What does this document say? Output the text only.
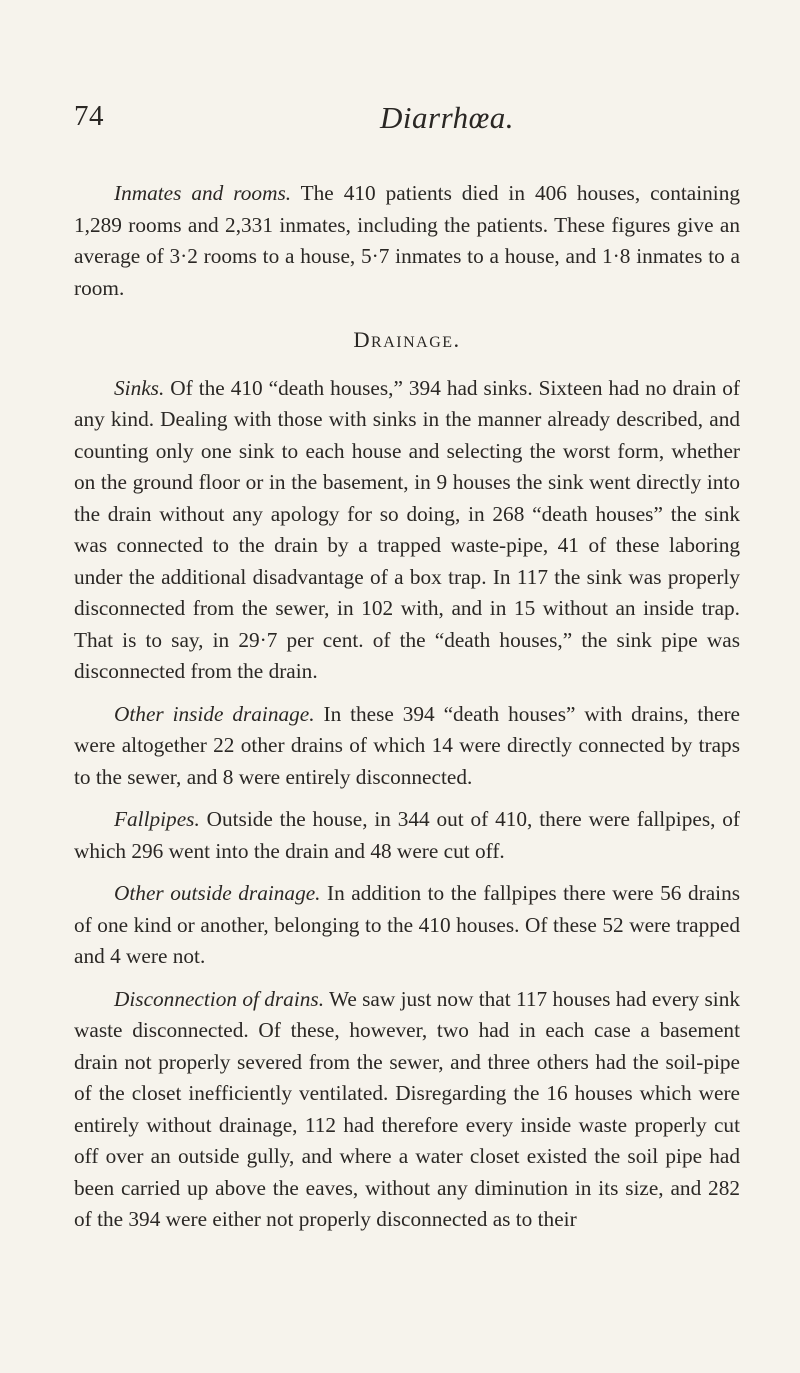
74	Diarrhœa.

Inmates and rooms. The 410 patients died in 406 houses, containing 1,289 rooms and 2,331 inmates, including the patients. These figures give an average of 3·2 rooms to a house, 5·7 inmates to a house, and 1·8 inmates to a room.

Drainage.

Sinks. Of the 410 “death houses,” 394 had sinks. Sixteen had no drain of any kind. Dealing with those with sinks in the manner already described, and counting only one sink to each house and selecting the worst form, whether on the ground floor or in the basement, in 9 houses the sink went directly into the drain without any apology for so doing, in 268 “death houses” the sink was connected to the drain by a trapped waste-pipe, 41 of these laboring under the additional disadvantage of a box trap. In 117 the sink was properly disconnected from the sewer, in 102 with, and in 15 without an inside trap. That is to say, in 29·7 per cent. of the “death houses,” the sink pipe was disconnected from the drain.

Other inside drainage. In these 394 “death houses” with drains, there were altogether 22 other drains of which 14 were directly connected by traps to the sewer, and 8 were entirely disconnected.

Fallpipes. Outside the house, in 344 out of 410, there were fallpipes, of which 296 went into the drain and 48 were cut off.

Other outside drainage. In addition to the fallpipes there were 56 drains of one kind or another, belonging to the 410 houses. Of these 52 were trapped and 4 were not.

Disconnection of drains. We saw just now that 117 houses had every sink waste disconnected. Of these, however, two had in each case a basement drain not properly severed from the sewer, and three others had the soil-pipe of the closet inefficiently ventilated. Disregarding the 16 houses which were entirely without drainage, 112 had therefore every inside waste properly cut off over an outside gully, and where a water closet existed the soil pipe had been carried up above the eaves, without any diminution in its size, and 282 of the 394 were either not properly disconnected as to their
